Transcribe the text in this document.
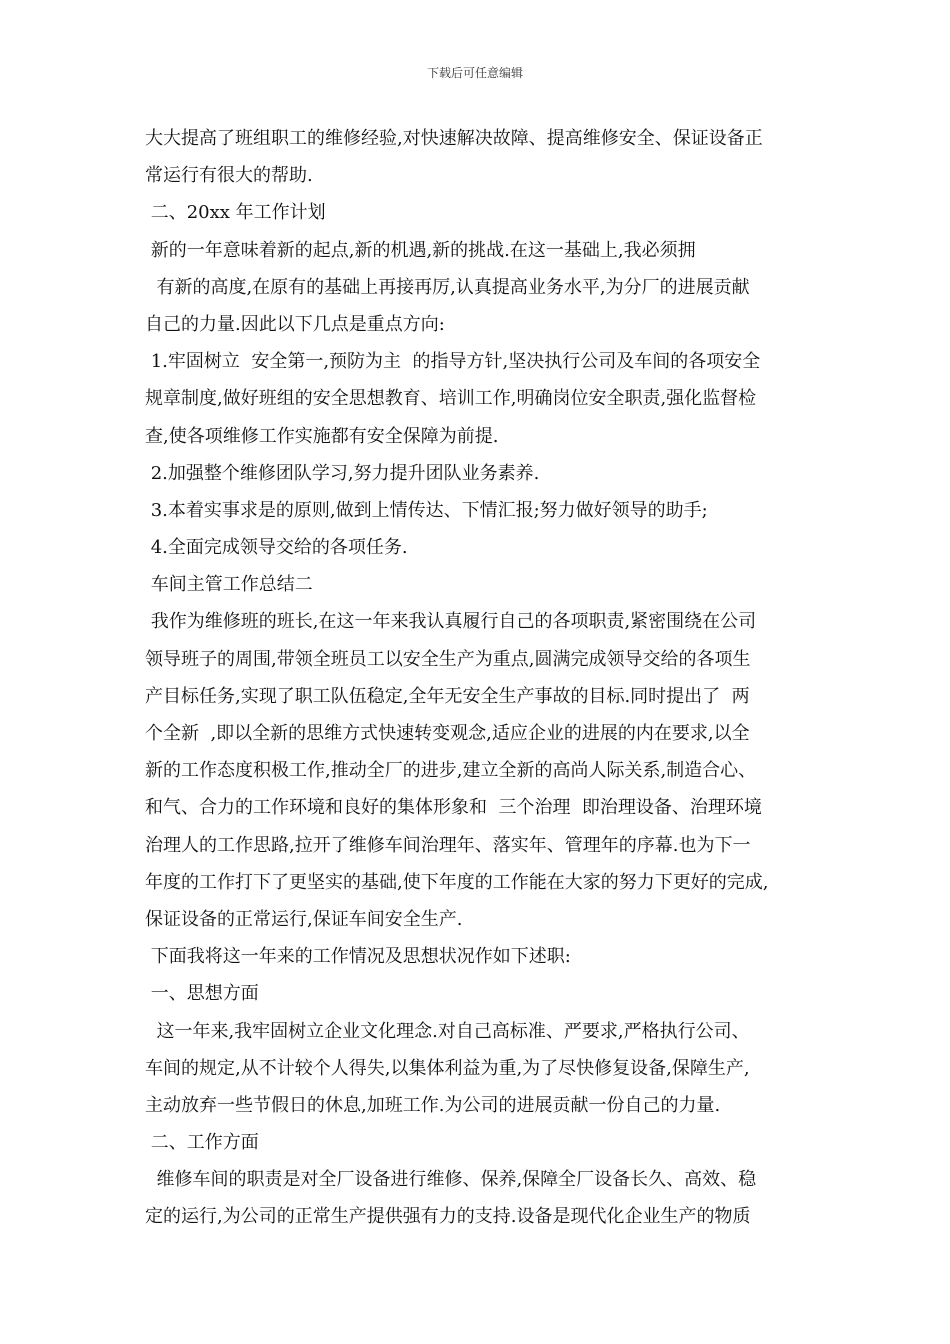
下载后可任意编辑
大大提高了班组职工的维修经验,对快速解决故障、提高维修安全、保证设备正
常运行有很大的帮助.
二、20xx 年工作计划
新的一年意味着新的起点,新的机遇,新的挑战.在这一基础上,我必须拥
有新的高度,在原有的基础上再接再厉,认真提高业务水平,为分厂的进展贡献
自己的力量.因此以下几点是重点方向:
1.牢固树立  安全第一,预防为主  的指导方针,坚决执行公司及车间的各项安全
规章制度,做好班组的安全思想教育、培训工作,明确岗位安全职责,强化监督检
查,使各项维修工作实施都有安全保障为前提.
2.加强整个维修团队学习,努力提升团队业务素养.
3.本着实事求是的原则,做到上情传达、下情汇报;努力做好领导的助手;
4.全面完成领导交给的各项任务.
车间主管工作总结二
我作为维修班的班长,在这一年来我认真履行自己的各项职责,紧密围绕在公司
领导班子的周围,带领全班员工以安全生产为重点,圆满完成领导交给的各项生
产目标任务,实现了职工队伍稳定,全年无安全生产事故的目标.同时提出了  两
个全新  ,即以全新的思维方式快速转变观念,适应企业的进展的内在要求,以全
新的工作态度积极工作,推动全厂的进步,建立全新的高尚人际关系,制造合心、
和气、合力的工作环境和良好的集体形象和  三个治理  即治理设备、治理环境
治理人的工作思路,拉开了维修车间治理年、落实年、管理年的序幕.也为下一
年度的工作打下了更坚实的基础,使下年度的工作能在大家的努力下更好的完成,
保证设备的正常运行,保证车间安全生产.
下面我将这一年来的工作情况及思想状况作如下述职:
一、思想方面
这一年来,我牢固树立企业文化理念.对自己高标准、严要求,严格执行公司、
车间的规定,从不计较个人得失,以集体利益为重,为了尽快修复设备,保障生产,
主动放弃一些节假日的休息,加班工作.为公司的进展贡献一份自己的力量.
二、工作方面
维修车间的职责是对全厂设备进行维修、保养,保障全厂设备长久、高效、稳
定的运行,为公司的正常生产提供强有力的支持.设备是现代化企业生产的物质
